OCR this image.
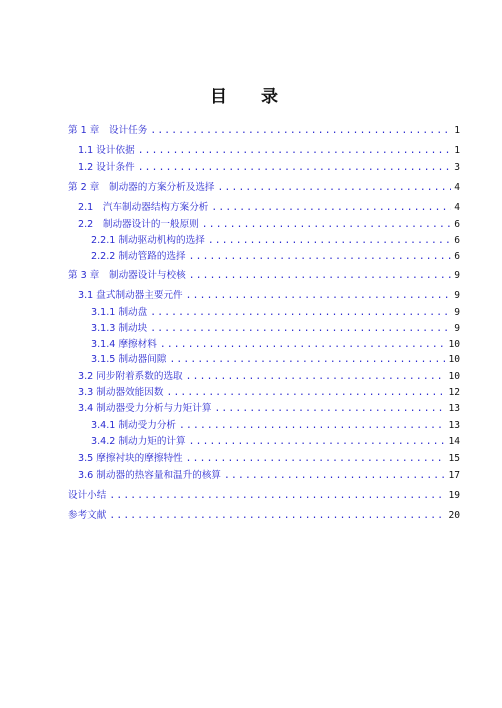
目 录
第 1 章　设计任务 .....	1
1.1 设计依据 .....	1
1.2 设计条件 .....	3
第 2 章　制动器的方案分析及选择 .....	4
2.1　汽车制动器结构方案分析 .....	4
2.2　制动器设计的一般原则 .....	6
2.2.1 制动驱动机构的选择 .....	6
2.2.2 制动管路的选择 .....	6
第 3 章　制动器设计与校核 .....	9
3.1 盘式制动器主要元件 .....	9
3.1.1 制动盘 .....	9
3.1.3 制动块 .....	9
3.1.4 摩擦材料 .....	10
3.1.5 制动器间隙 .....	10
3.2 同步附着系数的选取 .....	10
3.3 制动器效能因数 .....	12
3.4 制动器受力分析与力矩计算 .....	13
3.4.1 制动受力分析 .....	13
3.4.2 制动力矩的计算 .....	14
3.5 摩擦衬块的摩擦特性 .....	15
3.6 制动器的热容量和温升的核算 .....	17
设计小结 .....	19
参考文献 .....	20
